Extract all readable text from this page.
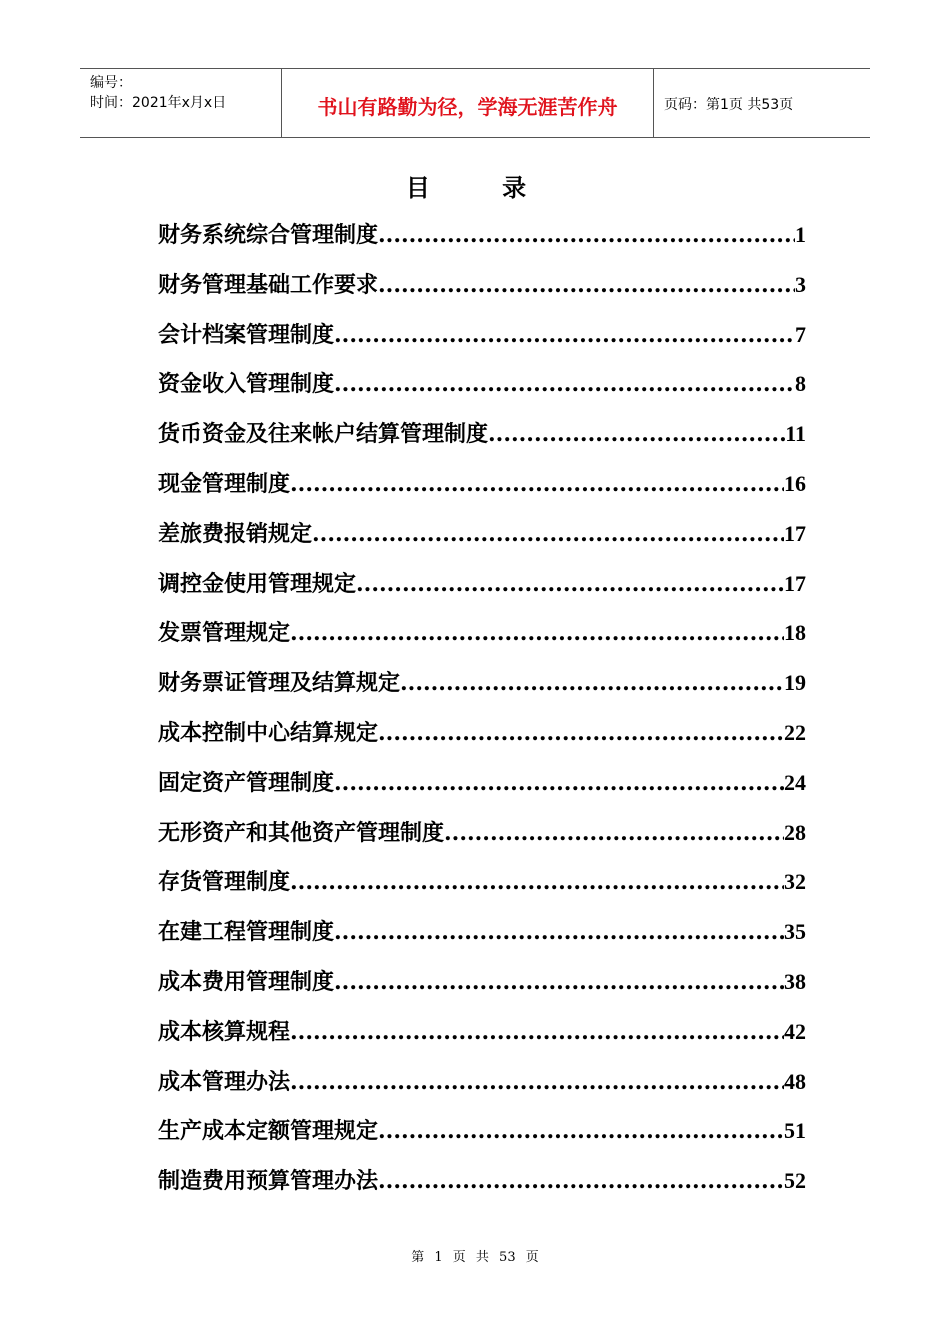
编号：
时间：2021年x月x日	书山有路勤为径，学海无涯苦作舟	页码：第1页 共53页
目 录
财务系统综合管理制度 .....	1
财务管理基础工作要求 .....	3
会计档案管理制度 .....	7
资金收入管理制度 .....	8
货币资金及往来帐户结算管理制度 .....	11
现金管理制度 .....	16
差旅费报销规定 .....	17
调控金使用管理规定 .....	17
发票管理规定 .....	18
财务票证管理及结算规定 .....	19
成本控制中心结算规定 .....	22
固定资产管理制度 .....	24
无形资产和其他资产管理制度 .....	28
存货管理制度 .....	32
在建工程管理制度 .....	35
成本费用管理制度 .....	38
成本核算规程 .....	42
成本管理办法 .....	48
生产成本定额管理规定 .....	51
制造费用预算管理办法 .....	52
第 1 页 共 53 页
